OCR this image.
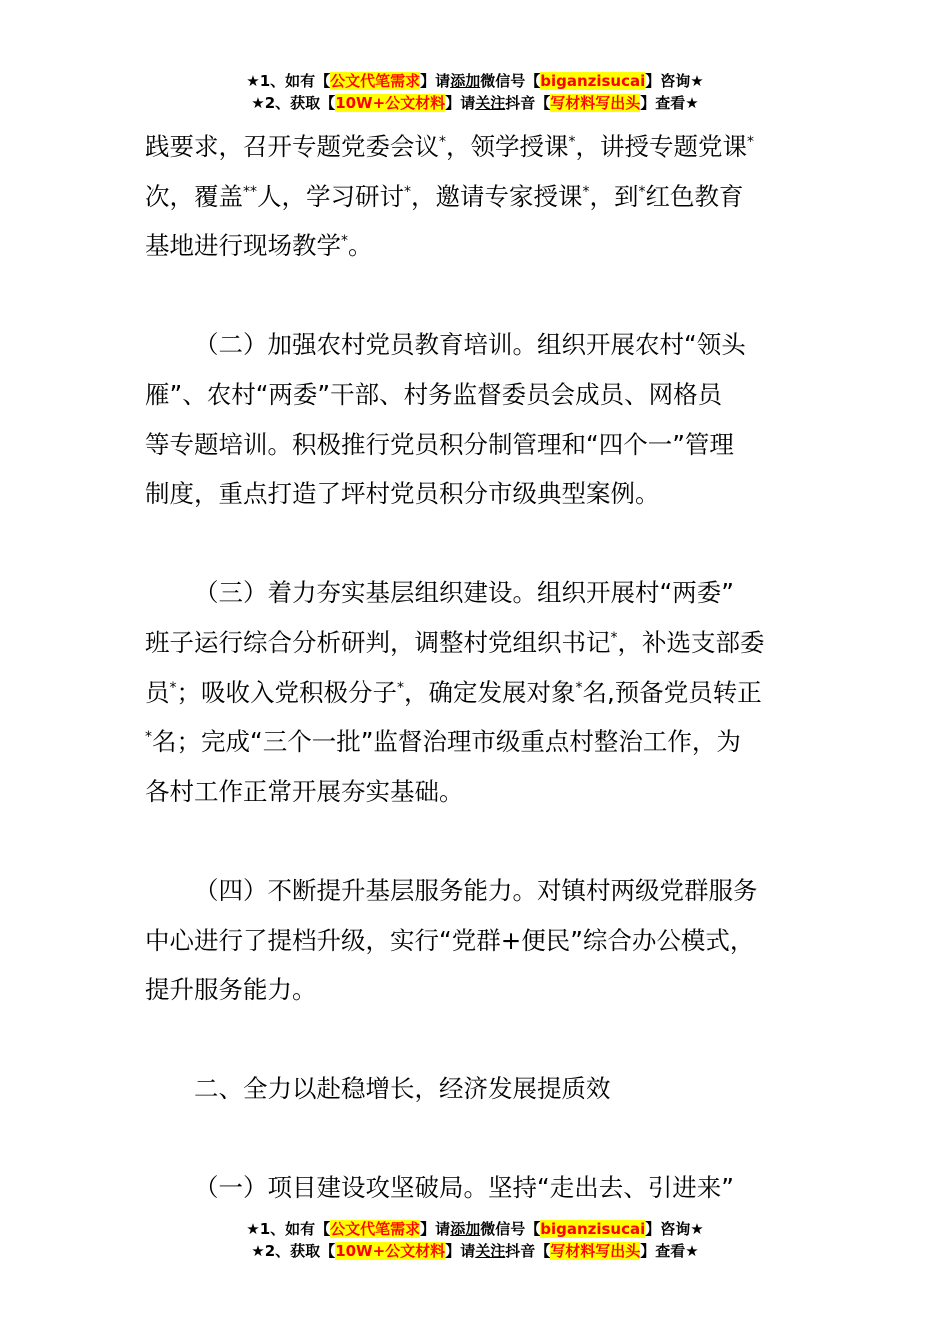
★1、如有【公文代笔需求】请添加微信号【biganzisucai】咨询★
★2、获取【10W+公文材料】请关注抖音【写材料写出头】查看★
践要求，召开专题党委会议*，领学授课*，讲授专题党课*
次，覆盖**人，学习研讨*，邀请专家授课*，到*红色教育
基地进行现场教学*。
（二）加强农村党员教育培训。组织开展农村“领头
雁”、农村“两委”干部、村务监督委员会成员、网格员
等专题培训。积极推行党员积分制管理和“四个一”管理
制度，重点打造了坪村党员积分市级典型案例。
（三）着力夯实基层组织建设。组织开展村“两委”
班子运行综合分析研判，调整村党组织书记*，补选支部委
员*；吸收入党积极分子*，确定发展对象*名,预备党员转正
*名；完成“三个一批”监督治理市级重点村整治工作，为
各村工作正常开展夯实基础。
（四）不断提升基层服务能力。对镇村两级党群服务
中心进行了提档升级，实行“党群+便民”综合办公模式，
提升服务能力。
二、全力以赴稳增长，经济发展提质效
（一）项目建设攻坚破局。坚持“走出去、引进来”
★1、如有【公文代笔需求】请添加微信号【biganzisucai】咨询★
★2、获取【10W+公文材料】请关注抖音【写材料写出头】查看★
